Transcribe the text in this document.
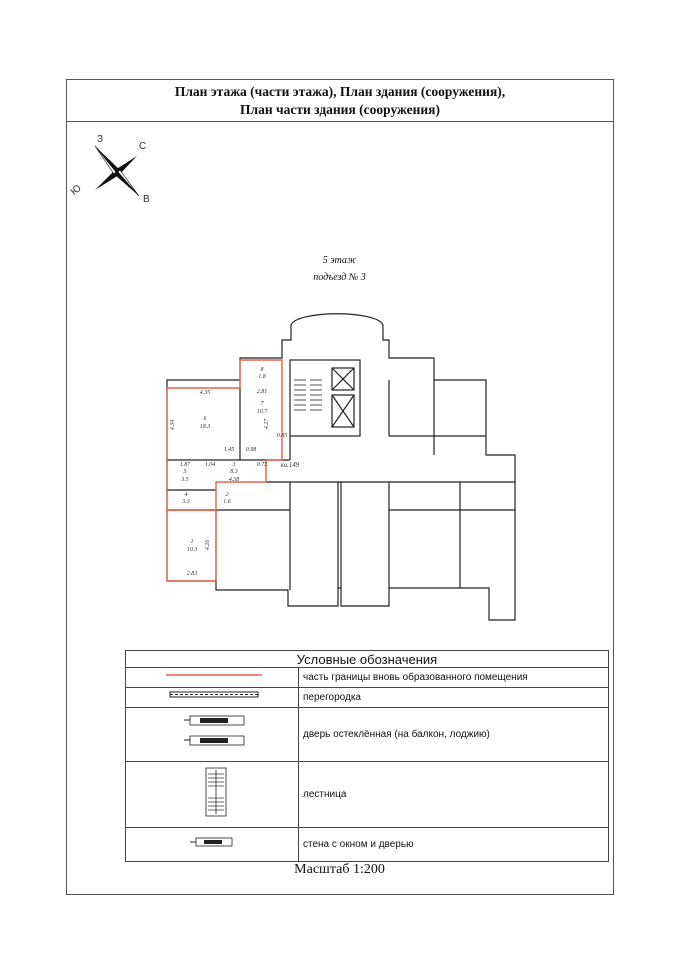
План этажа (части этажа), План здания (сооружения),
План части здания (сооружения)
З
С
Ю
В
5 этаж
подъезд № 3
6
18.3
4.35
4.34
7
10.7
2.81
4.27
8
1.8
5
3.5
1.87 1.04	3
8.3
4
3.3
2
1.6
1
10.3 4.26
2.83
4.38
1.45 0.98
0.85
0.72 кв.149
Условные обозначения	
	часть границы вновь образованного помещения
	перегородка
	дверь остеклённая (на балкон, лоджию)
	лестница
	стена с окном и дверью
Масштаб 1:200
